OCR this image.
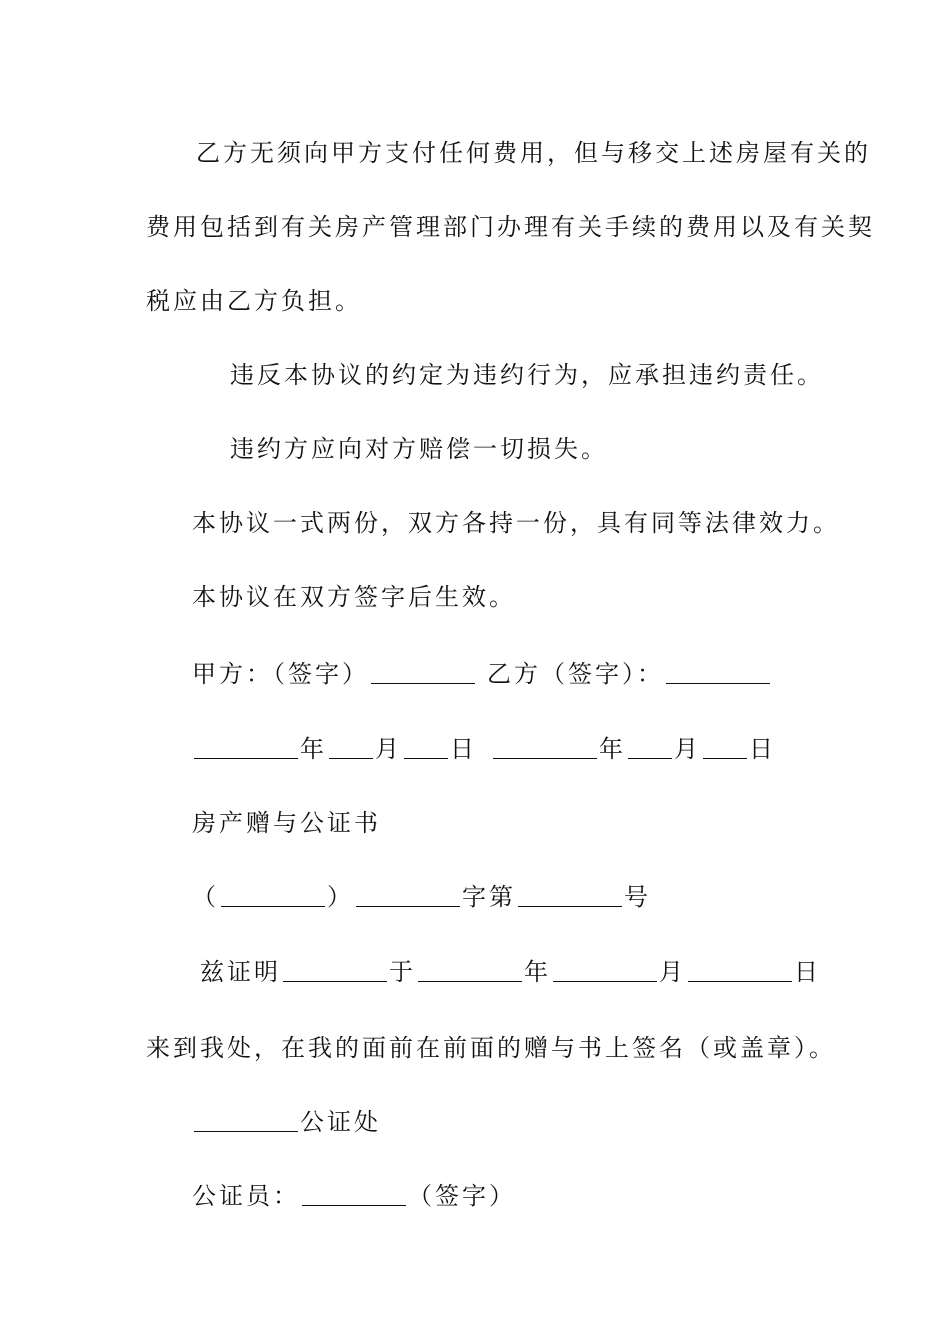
乙方无须向甲方支付任何费用，但与移交上述房屋有关的
费用包括到有关房产管理部门办理有关手续的费用以及有关契
税应由乙方负担。
违反本协议的约定为违约行为，应承担违约责任。
违约方应向对方赔偿一切损失。
本协议一式两份，双方各持一份，具有同等法律效力。
本协议在双方签字后生效。
甲方：（签字）	乙方（签字）：
年 月 日	年 月 日
房产赠与公证书
（	）	字第	号
兹证明	于	年	月	日
来到我处，在我的面前在前面的赠与书上签名（或盖章）。
公证处
公证员：	（签字）
